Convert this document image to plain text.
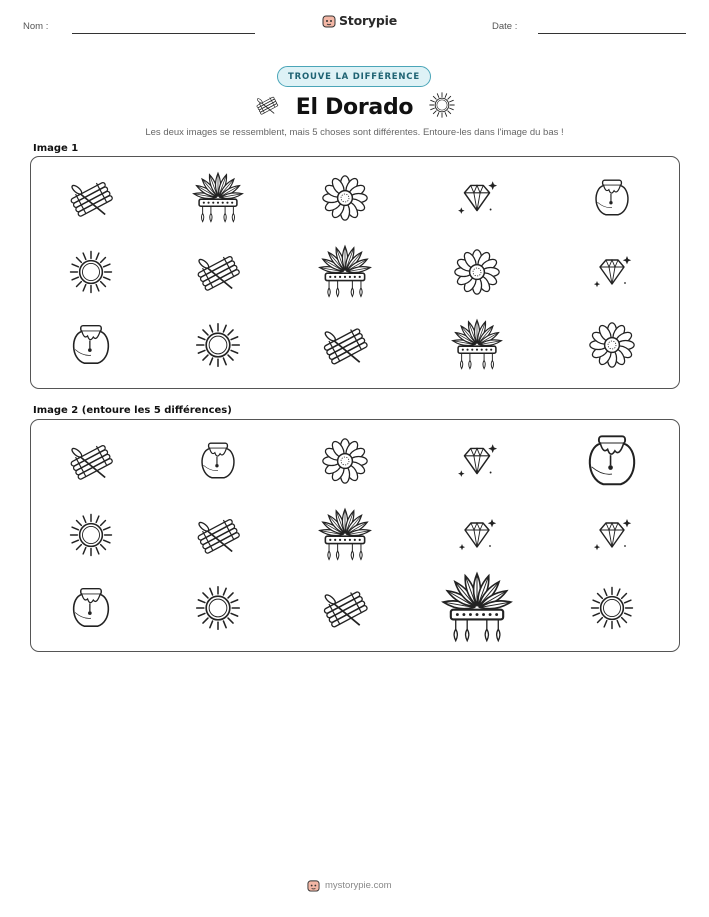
Nom :	Storypie	Date :
TROUVE LA DIFFÉRENCE
El Dorado
Les deux images se ressemblent, mais 5 choses sont différentes. Entoure-les dans l'image du bas !
Image 1
Image 2 (entoure les 5 différences)
mystorypie.com
